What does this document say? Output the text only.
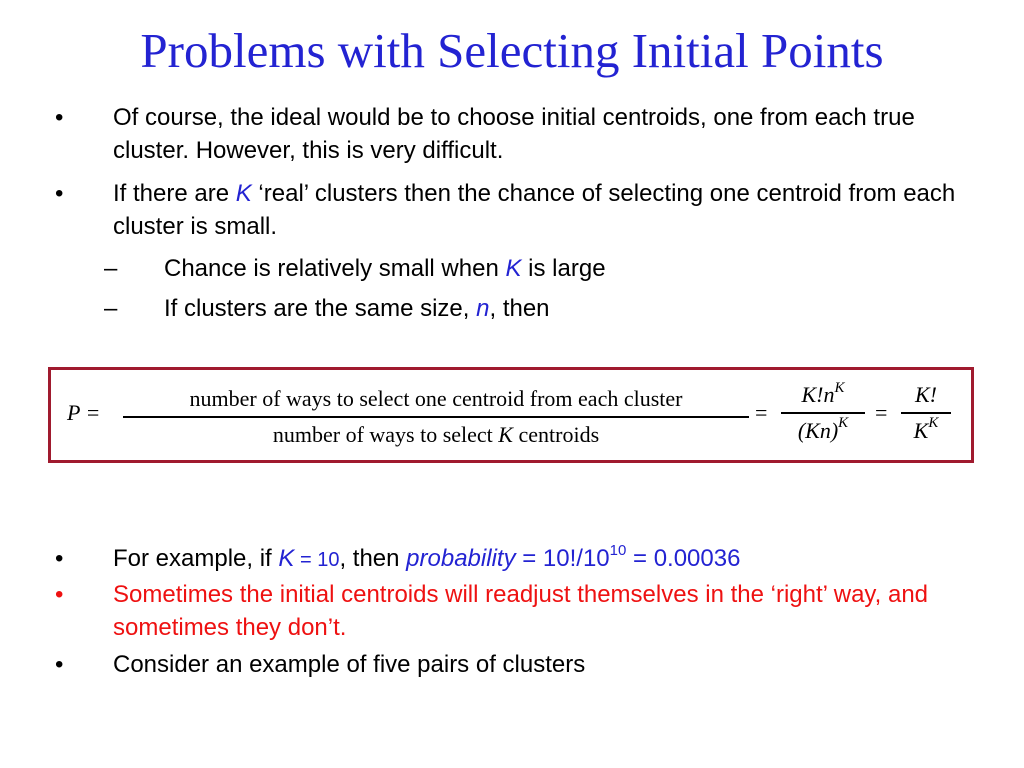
Problems with Selecting Initial Points
•	Of course, the ideal would be to choose initial centroids, one from each true cluster. However, this is very difficult.
•	If there are K ‘real’ clusters then the chance of selecting one centroid from each cluster is small.
– Chance is relatively small when K is large
– If clusters are the same size, n, then
P =
number of ways to select one centroid from each cluster
number of ways to select K centroids
=
$K!n^K$
$(Kn)^K$	=
K!
$K^K$
•	For example, if K = 10, then probability = $10!/10^{10} = 0.00036$
•	Sometimes the initial centroids will readjust themselves in the ‘right’ way, and sometimes they don’t.
•	Consider an example of five pairs of clusters
